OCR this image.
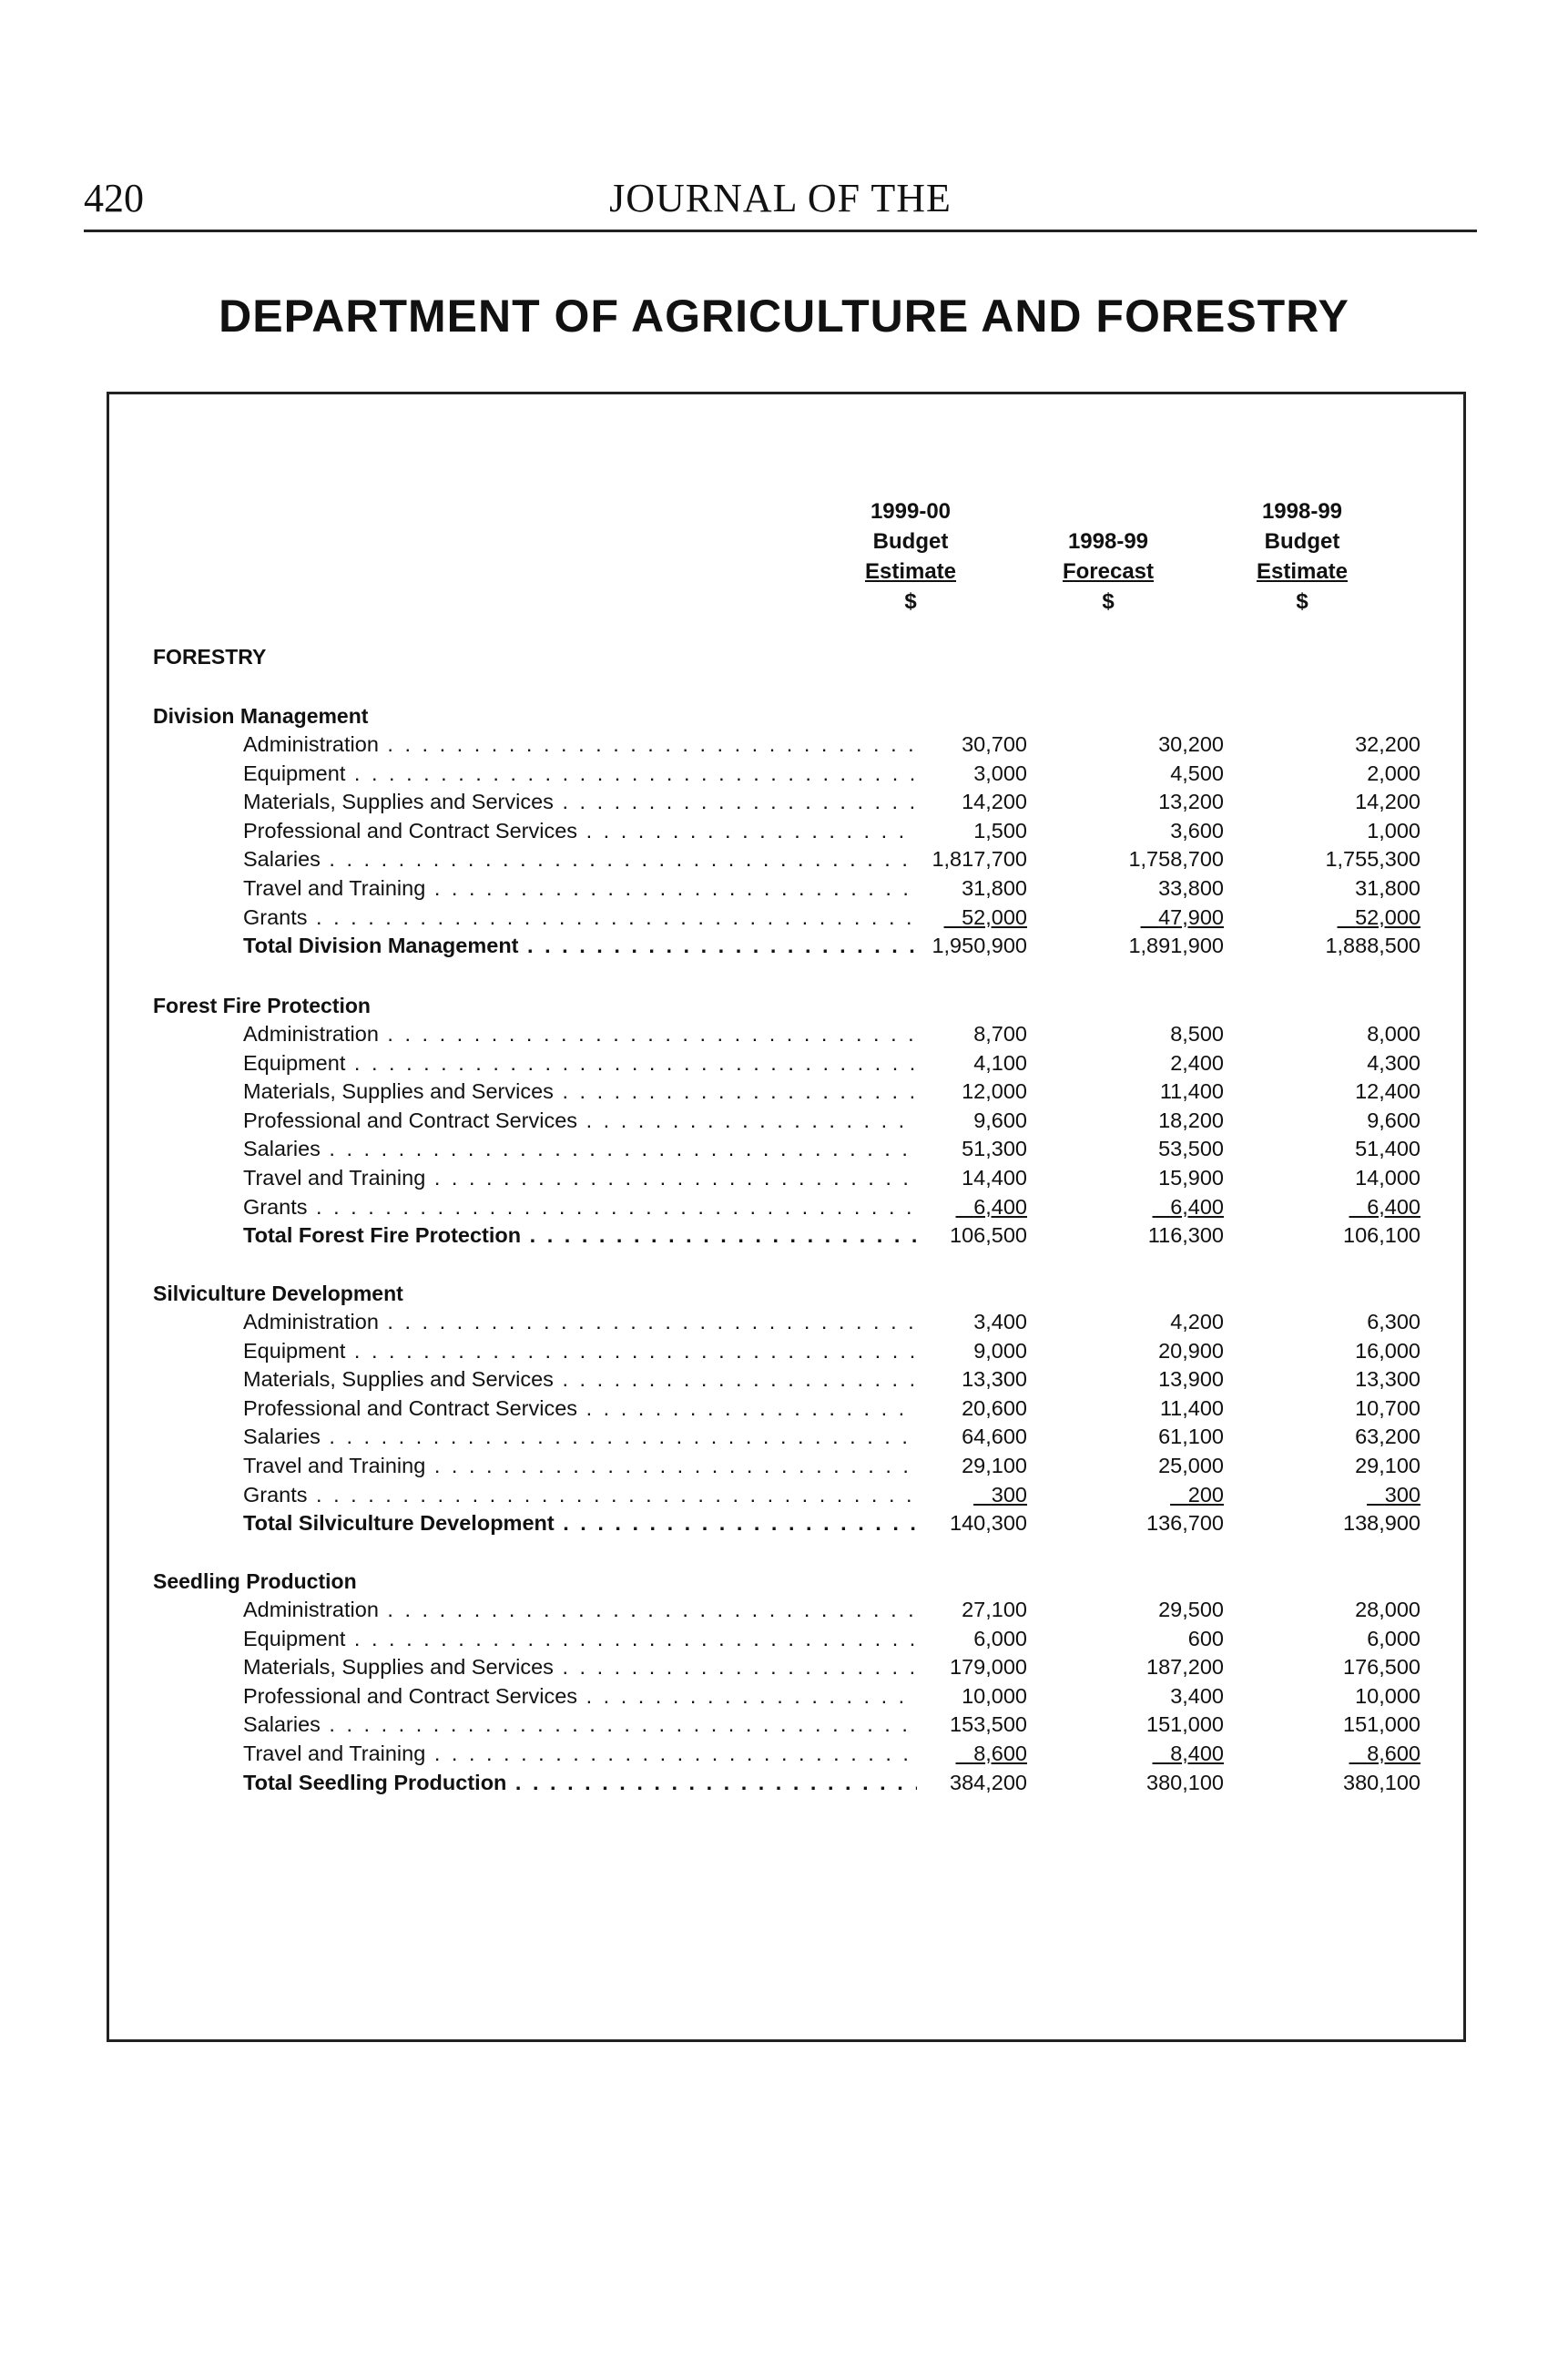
420	JOURNAL OF THE
DEPARTMENT OF AGRICULTURE AND FORESTRY
1999-00
Budget
Estimate
$
1998-99
Forecast
$
1998-99
Budget
Estimate
$
FORESTRY
Division Management
Administration . . .	30,700	30,200	32,200
Equipment . . .	3,000	4,500	2,000
Materials, Supplies and Services . . .	14,200	13,200	14,200
Professional and Contract Services . . .	1,500	3,600	1,000
Salaries . . .	1,817,700	1,758,700	1,755,300
Travel and Training . . .	31,800	33,800	31,800
Grants . . .	52,000	47,900	52,000
Total Division Management . . .	1,950,900	1,891,900	1,888,500
Forest Fire Protection
Administration . . .	8,700	8,500	8,000
Equipment . . .	4,100	2,400	4,300
Materials, Supplies and Services . . .	12,000	11,400	12,400
Professional and Contract Services . . .	9,600	18,200	9,600
Salaries . . .	51,300	53,500	51,400
Travel and Training . . .	14,400	15,900	14,000
Grants . . .	6,400	6,400	6,400
Total Forest Fire Protection . . .	106,500	116,300	106,100
Silviculture Development
Administration . . .	3,400	4,200	6,300
Equipment . . .	9,000	20,900	16,000
Materials, Supplies and Services . . .	13,300	13,900	13,300
Professional and Contract Services . . .	20,600	11,400	10,700
Salaries . . .	64,600	61,100	63,200
Travel and Training . . .	29,100	25,000	29,100
Grants . . .	300	200	300
Total Silviculture Development . . .	140,300	136,700	138,900
Seedling Production
Administration . . .	27,100	29,500	28,000
Equipment . . .	6,000	600	6,000
Materials, Supplies and Services . . .	179,000	187,200	176,500
Professional and Contract Services . . .	10,000	3,400	10,000
Salaries . . .	153,500	151,000	151,000
Travel and Training . . .	8,600	8,400	8,600
Total Seedling Production . . .	384,200	380,100	380,100
